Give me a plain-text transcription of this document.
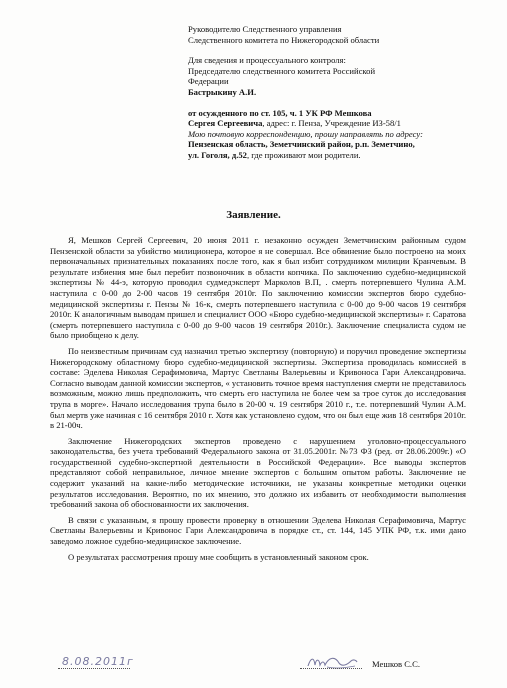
Руководителю Следственного управления
Следственного комитета по Нижегородской области
Для сведения и процессуального контроля:
Председателю следственного комитета Российской
Федерации
Бастрыкину А.И.
от осужденного по ст. 105, ч. 1 УК РФ Мешкова
Сергея Сергеевича, адрес: г. Пенза, Учреждение ИЗ-58/1
Мою почтовую корреспонденцию, прошу направлять по адресу:
Пензенская область, Земетчинский район, р.п. Земетчино,
ул. Гоголя, д.52, где проживают мои родители.
Заявление.

Я, Мешков Сергей Сергеевич, 20 июня 2011 г. незаконно осужден Земетчинским районным судом Пензенской области за убийство милиционера, которое я не совершал. Все обвинение было построено на моих первоначальных признательных показаниях после того, как я был избит сотрудником милиции Кранчевым. В результате избиения мне был перебит позвоночник в области копчика. По заключению судебно-медицинской экспертизы № 44-э, которую проводил судмедэксперт Марколов В.П, . смерть потерпевшего Чулина А.М. наступила с 0-00 до 2-00 часов 19 сентября 2010г. По заключению комиссии экспертов бюро судебно-медицинской экспертизы г. Пензы № 16-к, смерть потерпевшего наступила с 0-00 до 9-00 часов 19 сентября 2010г. К аналогичным выводам пришел и специалист ООО «Бюро судебно-медицинской экспертизы» г. Саратова (смерть потерпевшего наступила с 0-00 до 9-00 часов 19 сентября 2010г.). Заключение специалиста судом не было приобщено к делу.

По неизвестным причинам суд назначил третью экспертизу (повторную) и поручил проведение экспертизы Нижегородскому областному бюро судебно-медицинской экспертизы. Экспертиза проводилась комиссией в составе: Эделева Николая Серафимовича, Мартус Светланы Валерьевны и Кривоноса Гари Александровича. Согласно выводам данной комиссии экспертов, « установить точное время наступления смерти не представилось возможным, можно лишь предположить, что смерть его наступила не более чем за трое суток до исследования трупа в морге». Начало исследования трупа было в 20-00 ч. 19 сентября 2010 г., т.е. потерпевший Чулин А.М. был мертв уже начиная с 16 сентября 2010 г. Хотя как установлено судом, что он был еще жив 18 сентября 2010г. в 21-00ч.

Заключение Нижегородских экспертов проведено с нарушением уголовно-процессуального законодательства, без учета требований Федерального закона от 31.05.2001г. №73 ФЗ (ред. от 28.06.2009г.) «О государственной судебно-экспертной деятельности в Российской Федерации». Все выводы экспертов представляют собой неправильное, личное мнение экспертов с большим опытом работы. Заключение не содержит указаний на какие-либо методические источники, не указаны конкретные методики оценки результатов исследования. Вероятно, по их мнению, это должно их избавить от необходимости выполнения требований закона об обоснованности их заключения.

В связи с указанным, я прошу провести проверку в отношении Эделева Николая Серафимовича, Мартус Светланы Валерьевны и Кривонос Гари Александровича в порядке ст., ст. 144, 145 УПК РФ, т.к. ими дано заведомо ложное судебно-медицинское заключение.

О результатах рассмотрения прошу мне сообщить в установленный законом срок.

8.08.2011г	Мешков С.С.
